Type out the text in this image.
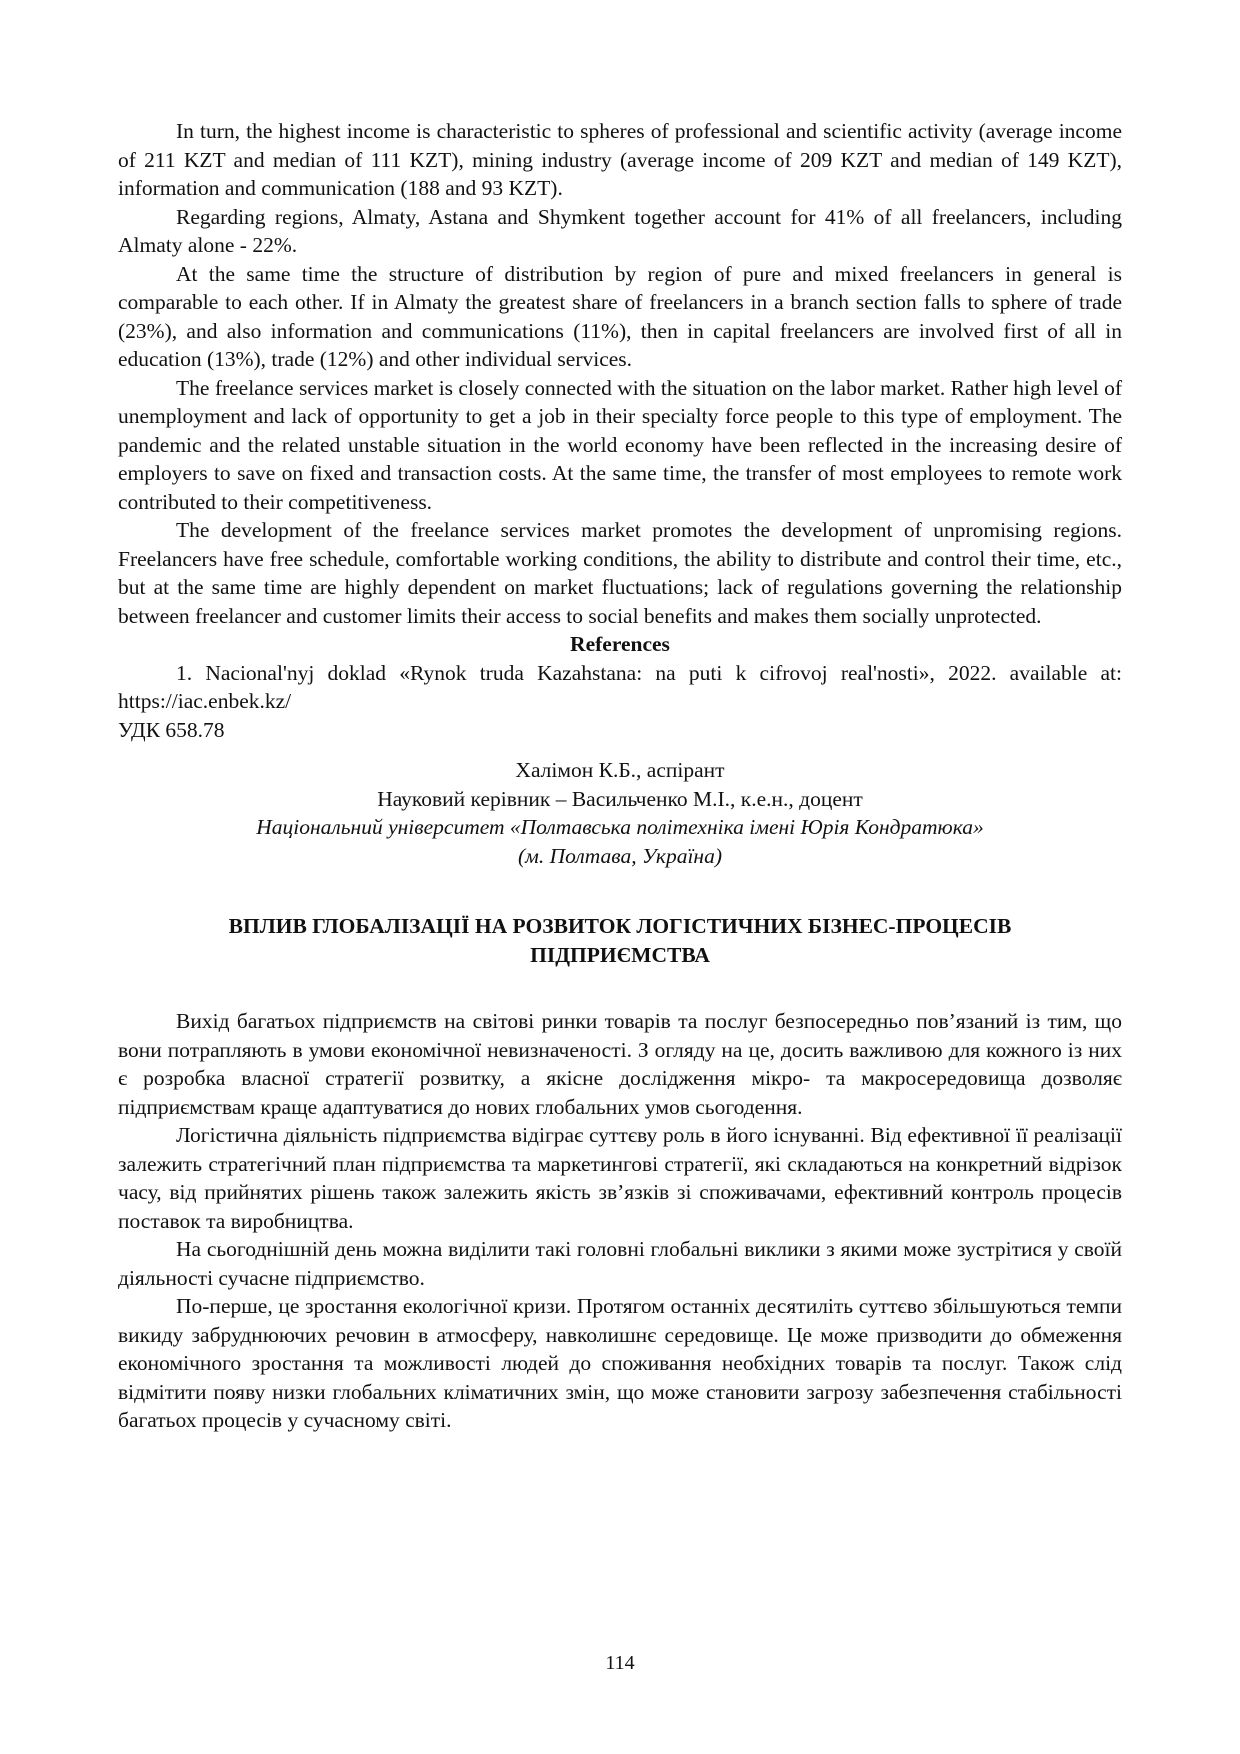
In turn, the highest income is characteristic to spheres of professional and scientific activity (average income of 211 KZT and median of 111 KZT), mining industry (average income of 209 KZT and median of 149 KZT), information and communication (188 and 93 KZT).

Regarding regions, Almaty, Astana and Shymkent together account for 41% of all freelancers, including Almaty alone - 22%.

At the same time the structure of distribution by region of pure and mixed freelancers in general is comparable to each other. If in Almaty the greatest share of freelancers in a branch section falls to sphere of trade (23%), and also information and communications (11%), then in capital freelancers are involved first of all in education (13%), trade (12%) and other individual services.

The freelance services market is closely connected with the situation on the labor market. Rather high level of unemployment and lack of opportunity to get a job in their specialty force people to this type of employment. The pandemic and the related unstable situation in the world economy have been reflected in the increasing desire of employers to save on fixed and transaction costs. At the same time, the transfer of most employees to remote work contributed to their competitiveness.

The development of the freelance services market promotes the development of unpromising regions. Freelancers have free schedule, comfortable working conditions, the ability to distribute and control their time, etc., but at the same time are highly dependent on market fluctuations; lack of regulations governing the relationship between freelancer and customer limits their access to social benefits and makes them socially unprotected.

References

1. Nacional'nyj doklad «Rynok truda Kazahstana: na puti k cifrovoj real'nosti», 2022. available at: https://iac.enbek.kz/

УДК 658.78

Халімон К.Б., аспірант
Науковий керівник – Васильченко М.І., к.е.н., доцент
Національний університет «Полтавська політехніка імені Юрія Кондратюка»
(м. Полтава, Україна)
ВПЛИВ ГЛОБАЛІЗАЦІЇ НА РОЗВИТОК ЛОГІСТИЧНИХ БІЗНЕС-ПРОЦЕСІВ
ПІДПРИЄМСТВА

Вихід багатьох підприємств на світові ринки товарів та послуг безпосередньо пов’язаний із тим, що вони потрапляють в умови економічної невизначеності. З огляду на це, досить важливою для кожного із них є розробка власної стратегії розвитку, а якісне дослідження мікро- та макросередовища дозволяє підприємствам краще адаптуватися до нових глобальних умов сьогодення.

Логістична діяльність підприємства відіграє суттєву роль в його існуванні. Від ефективної її реалізації залежить стратегічний план підприємства та маркетингові стратегії, які складаються на конкретний відрізок часу, від прийнятих рішень також залежить якість зв’язків зі споживачами, ефективний контроль процесів поставок та виробництва.

На сьогоднішній день можна виділити такі головні глобальні виклики з якими може зустрітися у своїй діяльності сучасне підприємство.

По-перше, це зростання екологічної кризи. Протягом останніх десятиліть суттєво збільшуються темпи викиду забруднюючих речовин в атмосферу, навколишнє середовище. Це може призводити до обмеження економічного зростання та можливості людей до споживання необхідних товарів та послуг. Також слід відмітити появу низки глобальних кліматичних змін, що може становити загрозу забезпечення стабільності багатьох процесів у сучасному світі.

114
